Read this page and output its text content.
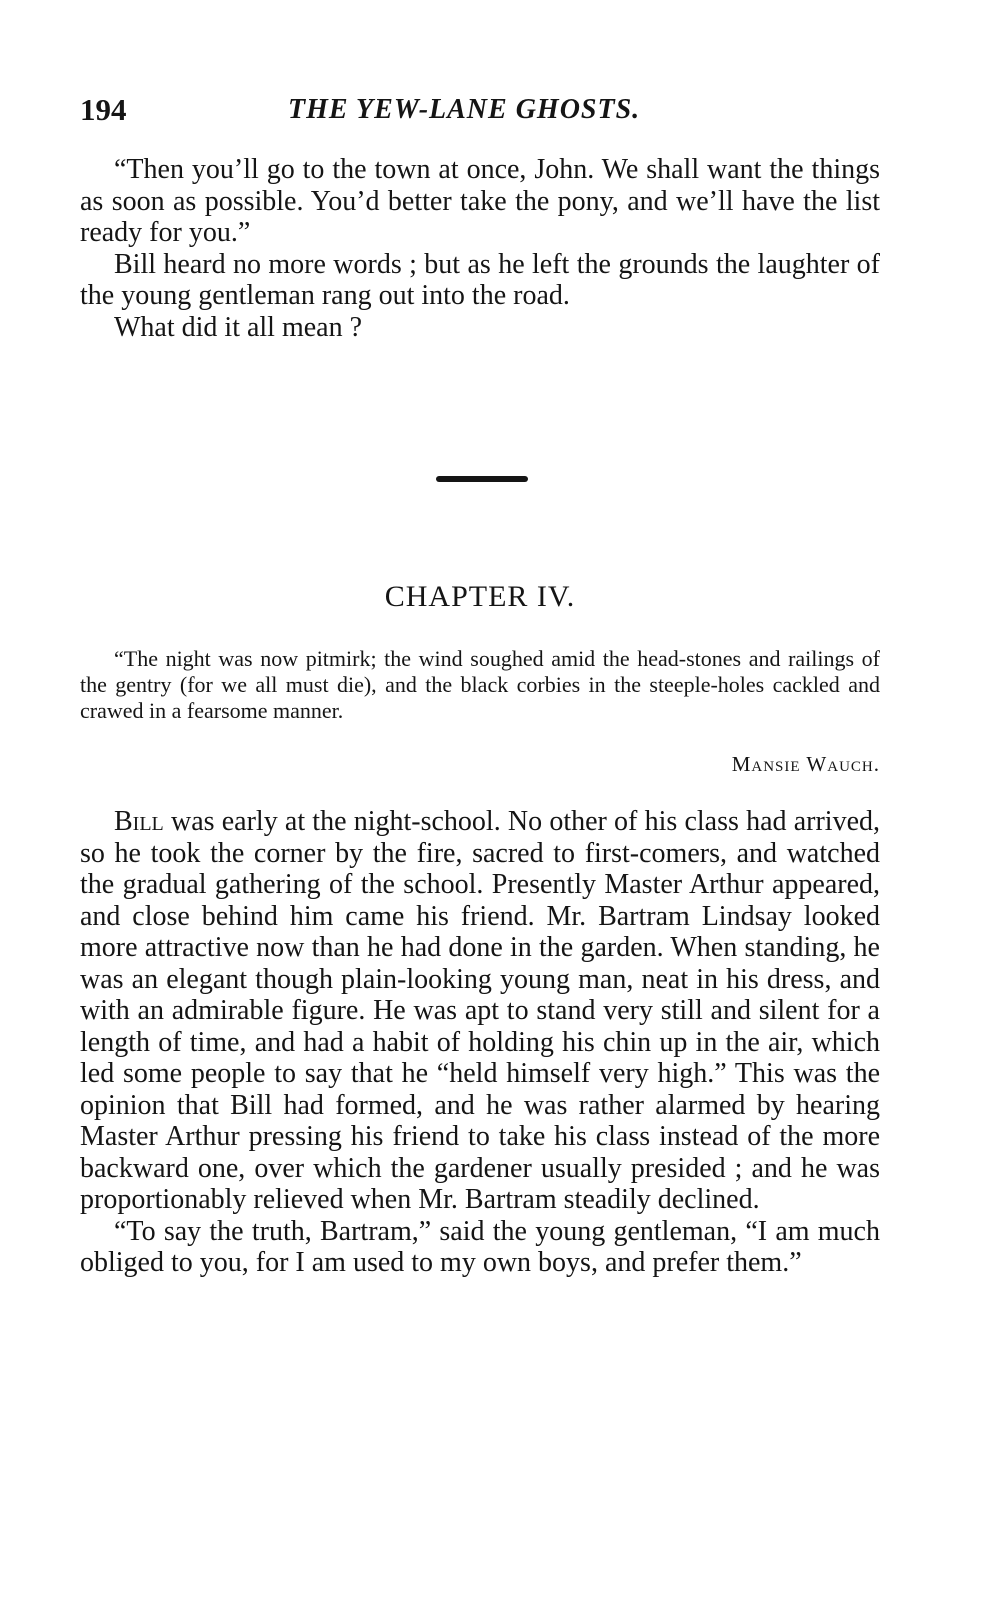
194	THE YEW-LANE GHOSTS.

“Then you’ll go to the town at once, John. We shall want the things as soon as possible. You’d better take the pony, and we’ll have the list ready for you.”

Bill heard no more words ; but as he left the grounds the laughter of the young gentleman rang out into the road.

What did it all mean ?

CHAPTER IV.

“The night was now pitmirk; the wind soughed amid the head-stones and railings of the gentry (for we all must die), and the black corbies in the steeple-holes cackled and crawed in a fearsome manner.

Mansie Wauch.

Bill was early at the night-school. No other of his class had arrived, so he took the corner by the fire, sacred to first-comers, and watched the gradual gathering of the school. Presently Master Arthur appeared, and close behind him came his friend. Mr. Bartram Lindsay looked more attractive now than he had done in the garden. When standing, he was an elegant though plain-looking young man, neat in his dress, and with an admirable figure. He was apt to stand very still and silent for a length of time, and had a habit of holding his chin up in the air, which led some people to say that he “held himself very high.” This was the opinion that Bill had formed, and he was rather alarmed by hearing Master Arthur pressing his friend to take his class instead of the more backward one, over which the gardener usually presided ; and he was proportionably relieved when Mr. Bartram steadily declined.

“To say the truth, Bartram,” said the young gentleman, “I am much obliged to you, for I am used to my own boys, and prefer them.”
